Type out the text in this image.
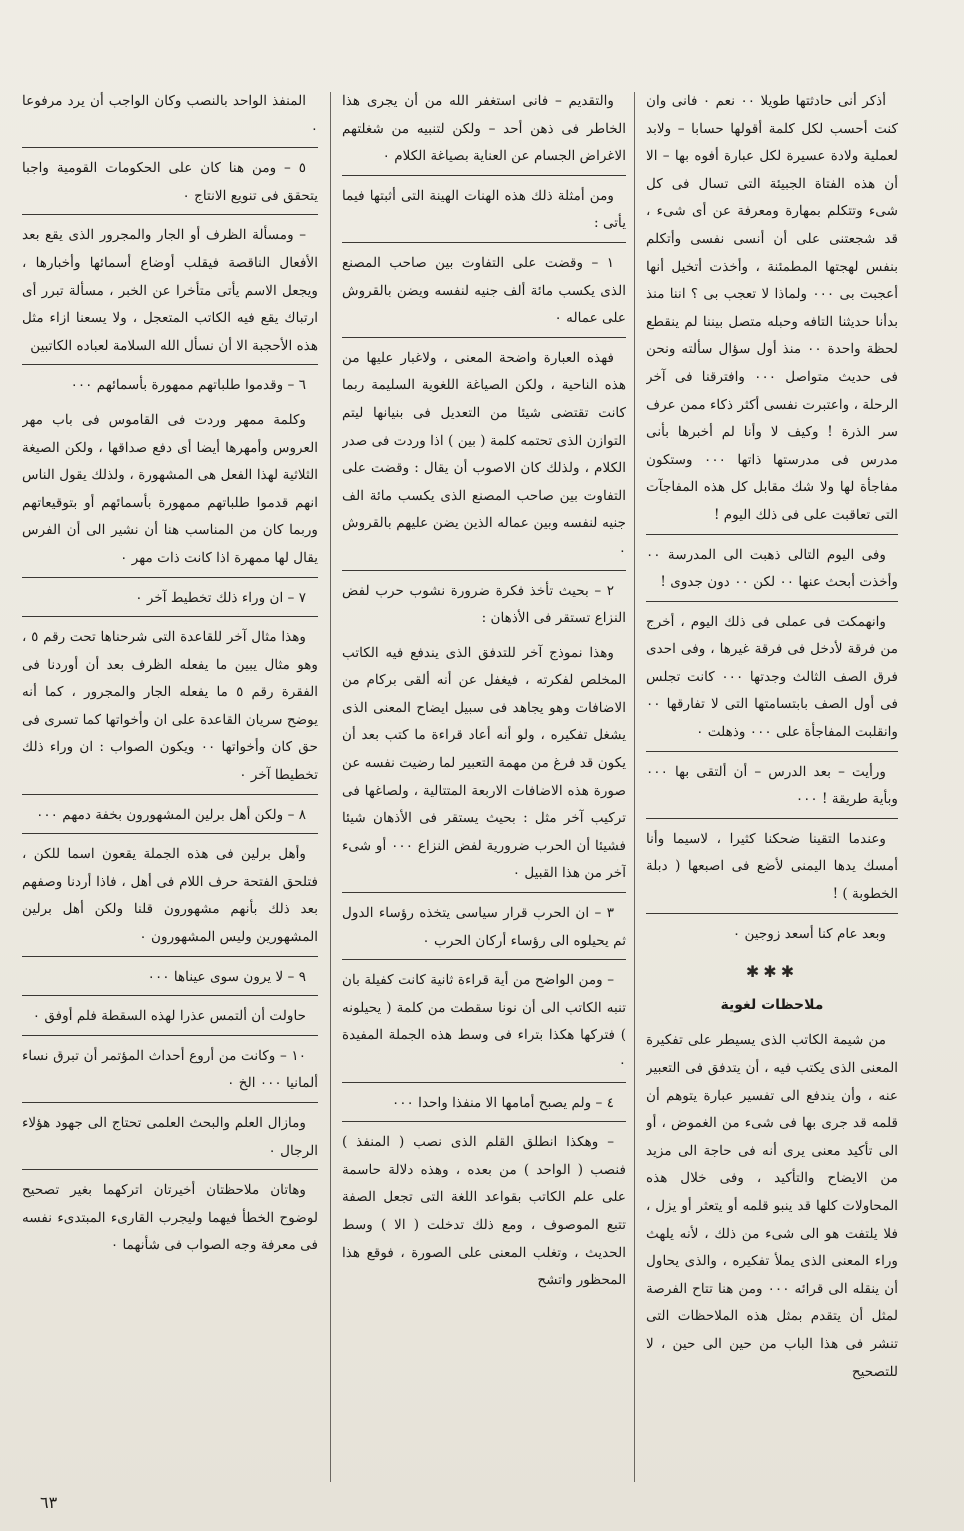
أذكر أنى حادثتها طويلا ٠٠ نعم ٠ فانى وان كنت أحسب لكل كلمة أقولها حسابا – ولابد لعملية ولادة عسيرة لكل عبارة أفوه بها – الا أن هذه الفتاة الجبيئة التى تسال فى كل شىء وتتكلم بمهارة ومعرفة عن أى شىء ، قد شجعتنى على أن أنسى نفسى وأتكلم بنفس لهجتها المطمئنة ، وأخذت أتخيل أنها أعجبت بى ٠٠٠ ولماذا لا تعجب بى ؟ اننا منذ بدأنا حديثنا التافه وحبله متصل بيننا لم ينقطع لحظة واحدة ٠٠ منذ أول سؤال سألته ونحن فى حديث متواصل ٠٠٠ وافترقنا فى آخر الرحلة ، واعتبرت نفسى أكثر ذكاء ممن عرف سر الذرة ! وكيف لا وأنا لم أخبرها بأنى مدرس فى مدرستها ذاتها ٠٠٠ وستكون مفاجأة لها ولا شك مقابل كل هذه المفاجآت التى تعاقبت على فى ذلك اليوم !

وفى اليوم التالى ذهبت الى المدرسة ٠٠ وأخذت أبحث عنها ٠٠ لكن ٠٠ دون جدوى !

وانهمكت فى عملى فى ذلك اليوم ، أخرج من فرقة لأدخل فى فرقة غيرها ، وفى احدى فرق الصف الثالث وجدتها ٠٠٠ كانت تجلس فى أول الصف بابتسامتها التى لا تفارقها ٠٠ وانقلبت المفاجأة على ٠٠٠ وذهلت ٠

ورأيت – بعد الدرس – أن ألتقى بها ٠٠٠ وبأية طريقة ! ٠٠٠

وعندما التقينا ضحكنا كثيرا ، لاسيما وأنا أمسك يدها اليمنى لأضع فى اصبعها ( دبلة الخطوبة ) !

وبعد عام كنا أسعد زوجين ٠

✱✱✱
ملاحظات لغوية

من شيمة الكاتب الذى يسيطر على تفكيرة المعنى الذى يكتب فيه ، أن يتدفق فى التعبير عنه ، وأن يندفع الى تفسير عبارة يتوهم أن قلمه قد جرى بها فى شىء من الغموض ، أو الى تأكيد معنى يرى أنه فى حاجة الى مزيد من الايضاح والتأكيد ، وفى خلال هذه المحاولات كلها قد ينبو قلمه أو يتعثر أو يزل ، فلا يلتفت هو الى شىء من ذلك ، لأنه يلهث وراء المعنى الذى يملأ تفكيره ، والذى يحاول أن ينقله الى قرائه ٠٠٠ ومن هنا تتاح الفرصة لمثل أن يتقدم بمثل هذه الملاحظات التى تنشر فى هذا الباب من حين الى حين ، لا للتصحيح

والتقديم – فانى استغفر الله من أن يجرى هذا الخاطر فى ذهن أحد – ولكن لتنبيه من شغلتهم الاغراض الجسام عن العناية بصياغة الكلام ٠

ومن أمثلة ذلك هذه الهنات الهينة التى أثبتها فيما يأتى :

١ – وقضت على التفاوت بين صاحب المصنع الذى يكسب مائة ألف جنيه لنفسه ويضن بالقروش على عماله ٠

فهذه العبارة واضحة المعنى ، ولاغبار عليها من هذه الناحية ، ولكن الصياغة اللغوية السليمة ربما كانت تقتضى شيئا من التعديل فى بنيانها ليتم التوازن الذى تحتمه كلمة ( بين ) اذا وردت فى صدر الكلام ، ولذلك كان الاصوب أن يقال : وقضت على التفاوت بين صاحب المصنع الذى يكسب مائة الف جنيه لنفسه وبين عماله الذين يضن عليهم بالقروش ٠

٢ – بحيث تأخذ فكرة ضرورة نشوب حرب لفض النزاع تستقر فى الأذهان :

وهذا نموذج آخر للتدفق الذى يندفع فيه الكاتب المخلص لفكرته ، فيغفل عن أنه ألقى بركام من الاضافات وهو يجاهد فى سبيل ايضاح المعنى الذى يشغل تفكيره ، ولو أنه أعاد قراءة ما كتب بعد أن يكون قد فرغ من مهمة التعبير لما رضيت نفسه عن صورة هذه الاضافات الاربعة المتتالية ، ولصاغها فى تركيب آخر مثل : بحيث يستقر فى الأذهان شيئا فشيئا أن الحرب ضرورية لفض النزاع ٠٠٠ أو شىء آخر من هذا القبيل ٠

٣ – ان الحرب قرار سياسى يتخذه رؤساء الدول ثم يحيلوه الى رؤساء أركان الحرب ٠

– ومن الواضح من أية قراءة ثانية كانت كفيلة بان تنبه الكاتب الى أن نونا سقطت من كلمة ( يحيلونه ) فتركها هكذا بتراء فى وسط هذه الجملة المفيدة ٠

٤ – ولم يصبح أمامها الا منفذا واحدا ٠٠٠

– وهكذا انطلق القلم الذى نصب ( المنفذ ) فنصب ( الواحد ) من بعده ، وهذه دلالة حاسمة على علم الكاتب بقواعد اللغة التى تجعل الصفة تتبع الموصوف ، ومع ذلك تدخلت ( الا ) وسط الحديث ، وتغلب المعنى على الصورة ، فوقع هذا المحظور واتشح

المنفذ الواحد بالنصب وكان الواجب أن يرد مرفوعا ٠

٥ – ومن هنا كان على الحكومات القومية واجبا يتحقق فى تنويع الانتاج ٠

– ومسألة الظرف أو الجار والمجرور الذى يقع بعد الأفعال الناقصة فيقلب أوضاع أسمائها وأخبارها ، ويجعل الاسم يأتى متأخرا عن الخبر ، مسألة تبرر أى ارتباك يقع فيه الكاتب المتعجل ، ولا يسعنا ازاء مثل هذه الأحجبة الا أن نسأل الله السلامة لعباده الكاتبين

٦ – وقدموا طلباتهم ممهورة بأسمائهم ٠٠٠

وكلمة ممهر وردت فى القاموس فى باب مهر العروس وأمهرها أيضا أى دفع صداقها ، ولكن الصيغة الثلاثية لهذا الفعل هى المشهورة ، ولذلك يقول الناس انهم قدموا طلباتهم ممهورة بأسمائهم أو بتوقيعاتهم وربما كان من المناسب هنا أن نشير الى أن الفرس يقال لها ممهرة اذا كانت ذات مهر ٠

٧ – ان وراء ذلك تخطيط آخر ٠

وهذا مثال آخر للقاعدة التى شرحناها تحت رقم ٥ ، وهو مثال يبين ما يفعله الظرف بعد أن أوردنا فى الفقرة رقم ٥ ما يفعله الجار والمجرور ، كما أنه يوضح سريان القاعدة على ان وأخواتها كما تسرى فى حق كان وأخواتها ٠٠ ويكون الصواب : ان وراء ذلك تخطيطا آخر ٠

٨ – ولكن أهل برلين المشهورون بخفة دمهم ٠٠٠

وأهل برلين فى هذه الجملة يقعون اسما للكن ، فتلحق الفتحة حرف اللام فى أهل ، فاذا أردنا وصفهم بعد ذلك بأنهم مشهورون قلنا ولكن أهل برلين المشهورين وليس المشهورون ٠

٩ – لا يرون سوى عيناها ٠٠٠

حاولت أن ألتمس عذرا لهذه السقطة فلم أوفق ٠

١٠ – وكانت من أروع أحداث المؤتمر أن تبرق نساء ألمانيا ٠٠٠ الخ ٠

ومازال العلم والبحث العلمى تحتاج الى جهود هؤلاء الرجال ٠

وهاتان ملاحظتان أخيرتان اتركهما بغير تصحيح لوضوح الخطأ فيهما وليجرب القارىء المبتدىء نفسه فى معرفة وجه الصواب فى شأنهما ٠

٦٣
